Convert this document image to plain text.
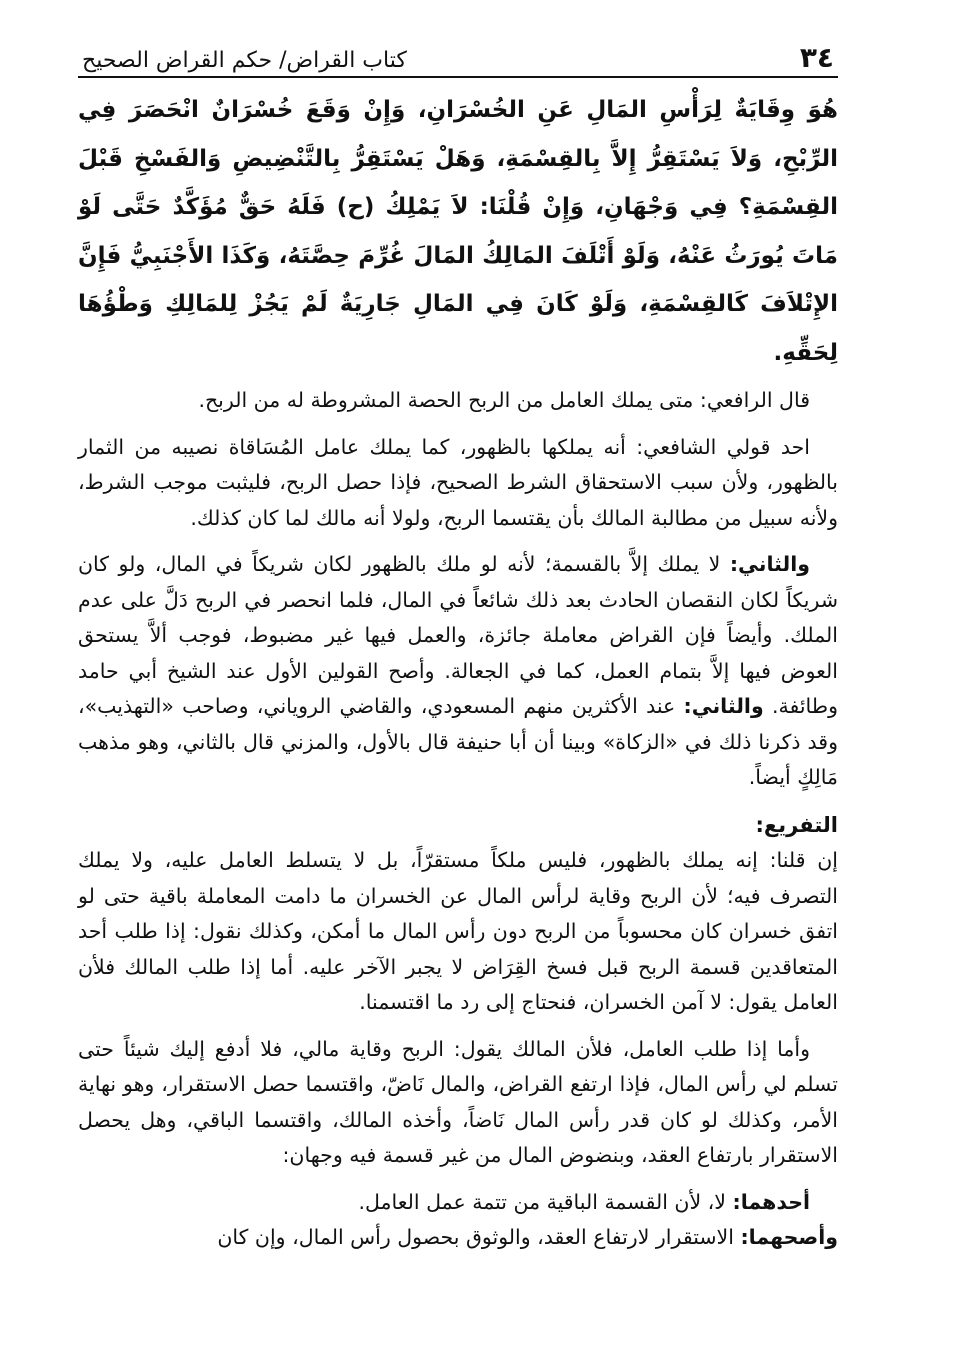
٣٤
كتاب القراض/ حكم القراض الصحيح
هُوَ وِقَايَةٌ لِرَأْسِ المَالِ عَنِ الخُسْرَانِ، وَإِنْ وَقَعَ خُسْرَانٌ انْحَصَرَ فِي الرِّبْحِ، وَلاَ يَسْتَقِرُّ إِلاَّ بِالقِسْمَةِ، وَهَلْ يَسْتَقِرُّ بِالتَّنْضِيضِ وَالفَسْخِ قَبْلَ القِسْمَةِ؟ فِي وَجْهَانِ، وَإِنْ قُلْنَا: لاَ يَمْلِكُ (ح) فَلَهُ حَقٌّ مُؤَكَّدٌ حَتَّى لَوْ مَاتَ يُورَثُ عَنْهُ، وَلَوْ أَتْلَفَ المَالِكُ المَالَ غُرِّمَ حِصَّتَهُ، وَكَذَا الأَجْنَبِيُّ فَإِنَّ الإِتْلاَفَ كَالقِسْمَةِ، وَلَوْ كَانَ فِي المَالِ جَارِيَةٌ لَمْ يَجُزْ لِلمَالِكِ وَطْؤُهَا لِحَقِّهِ.

قال الرافعي: متى يملك العامل من الربح الحصة المشروطة له من الربح.

احد قولي الشافعي: أنه يملكها بالظهور، كما يملك عامل المُسَاقاة نصيبه من الثمار بالظهور، ولأن سبب الاستحقاق الشرط الصحيح، فإذا حصل الربح، فليثبت موجب الشرط، ولأنه سبيل من مطالبة المالك بأن يقتسما الربح، ولولا أنه مالك لما كان كذلك.

والثاني: لا يملك إلاَّ بالقسمة؛ لأنه لو ملك بالظهور لكان شريكاً في المال، ولو كان شريكاً لكان النقصان الحادث بعد ذلك شائعاً في المال، فلما انحصر في الربح دَلَّ على عدم الملك. وأيضاً فإن القراض معاملة جائزة، والعمل فيها غير مضبوط، فوجب ألاَّ يستحق العوض فيها إلاَّ بتمام العمل، كما في الجعالة. وأصح القولين الأول عند الشيخ أبي حامد وطائفة. والثاني: عند الأكثرين منهم المسعودي، والقاضي الروياني، وصاحب «التهذيب»، وقد ذكرنا ذلك في «الزكاة» وبينا أن أبا حنيفة قال بالأول، والمزني قال بالثاني، وهو مذهب مَالِكٍ أيضاً.

التفريع:

إن قلنا: إنه يملك بالظهور، فليس ملكاً مستقرّاً، بل لا يتسلط العامل عليه، ولا يملك التصرف فيه؛ لأن الربح وقاية لرأس المال عن الخسران ما دامت المعاملة باقية حتى لو اتفق خسران كان محسوباً من الربح دون رأس المال ما أمكن، وكذلك نقول: إذا طلب أحد المتعاقدين قسمة الربح قبل فسخ القِرَاض لا يجبر الآخر عليه. أما إذا طلب المالك فلأن العامل يقول: لا آمن الخسران، فنحتاج إلى رد ما اقتسمنا.

وأما إذا طلب العامل، فلأن المالك يقول: الربح وقاية مالي، فلا أدفع إليك شيئاً حتى تسلم لي رأس المال، فإذا ارتفع القراض، والمال نَاضّ، واقتسما حصل الاستقرار، وهو نهاية الأمر، وكذلك لو كان قدر رأس المال نَاضاً، وأخذه المالك، واقتسما الباقي، وهل يحصل الاستقرار بارتفاع العقد، وبنضوض المال من غير قسمة فيه وجهان:

أحدهما: لا، لأن القسمة الباقية من تتمة عمل العامل.

وأصحهما: الاستقرار لارتفاع العقد، والوثوق بحصول رأس المال، وإن كان
